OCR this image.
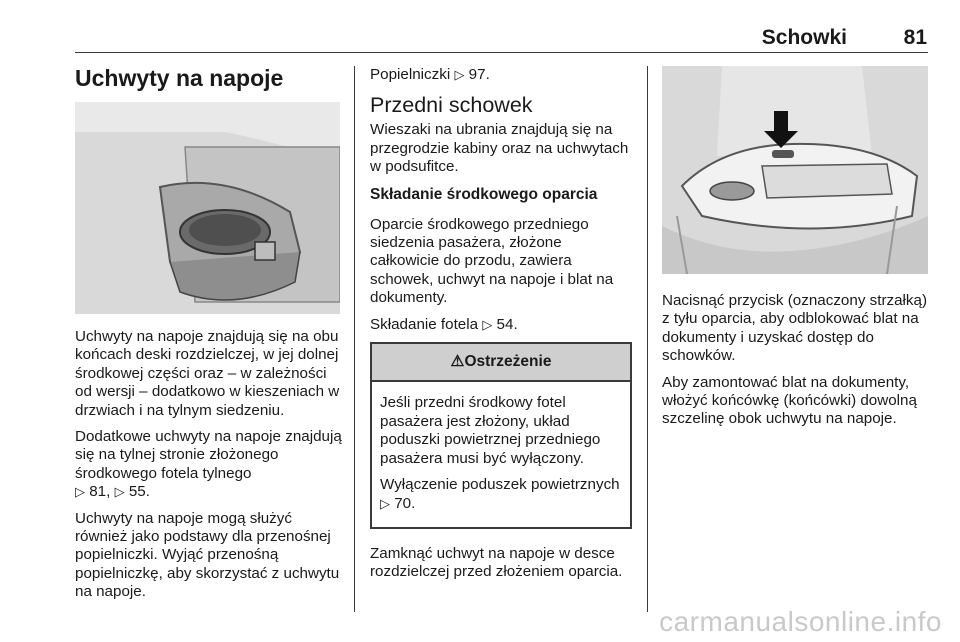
Schowki	81
Uchwyty na napoje

Uchwyty na napoje znajdują się na obu końcach deski rozdzielczej, w jej dolnej środkowej części oraz – w zależności od wersji – dodatkowo w kieszeniach w drzwiach i na tylnym siedzeniu.

Dodatkowe uchwyty na napoje znajdują się na tylnej stronie złożonego środkowego fotela tylnego
▷ 81, ▷ 55.

Uchwyty na napoje mogą służyć również jako podstawy dla przenośnej popielniczki. Wyjąć przenośną popielniczkę, aby skorzystać z uchwytu na napoje.

Popielniczki ▷ 97.

Przedni schowek

Wieszaki na ubrania znajdują się na przegrodzie kabiny oraz na uchwytach w podsufitce.

Składanie środkowego oparcia

Oparcie środkowego przedniego siedzenia pasażera, złożone całkowicie do przodu, zawiera schowek, uchwyt na napoje i blat na dokumenty.

Składanie fotela ▷ 54.

⚠Ostrzeżenie

Jeśli przedni środkowy fotel pasażera jest złożony, układ poduszki powietrznej przedniego pasażera musi być wyłączony.

Wyłączenie poduszek powietrznych ▷ 70.

Zamknąć uchwyt na napoje w desce rozdzielczej przed złożeniem oparcia.

Nacisnąć przycisk (oznaczony strzałką) z tyłu oparcia, aby odblokować blat na dokumenty i uzyskać dostęp do schowków.

Aby zamontować blat na dokumenty, włożyć końcówkę (końcówki) dowolną szczelinę obok uchwytu na napoje.

carmanualsonline.info
